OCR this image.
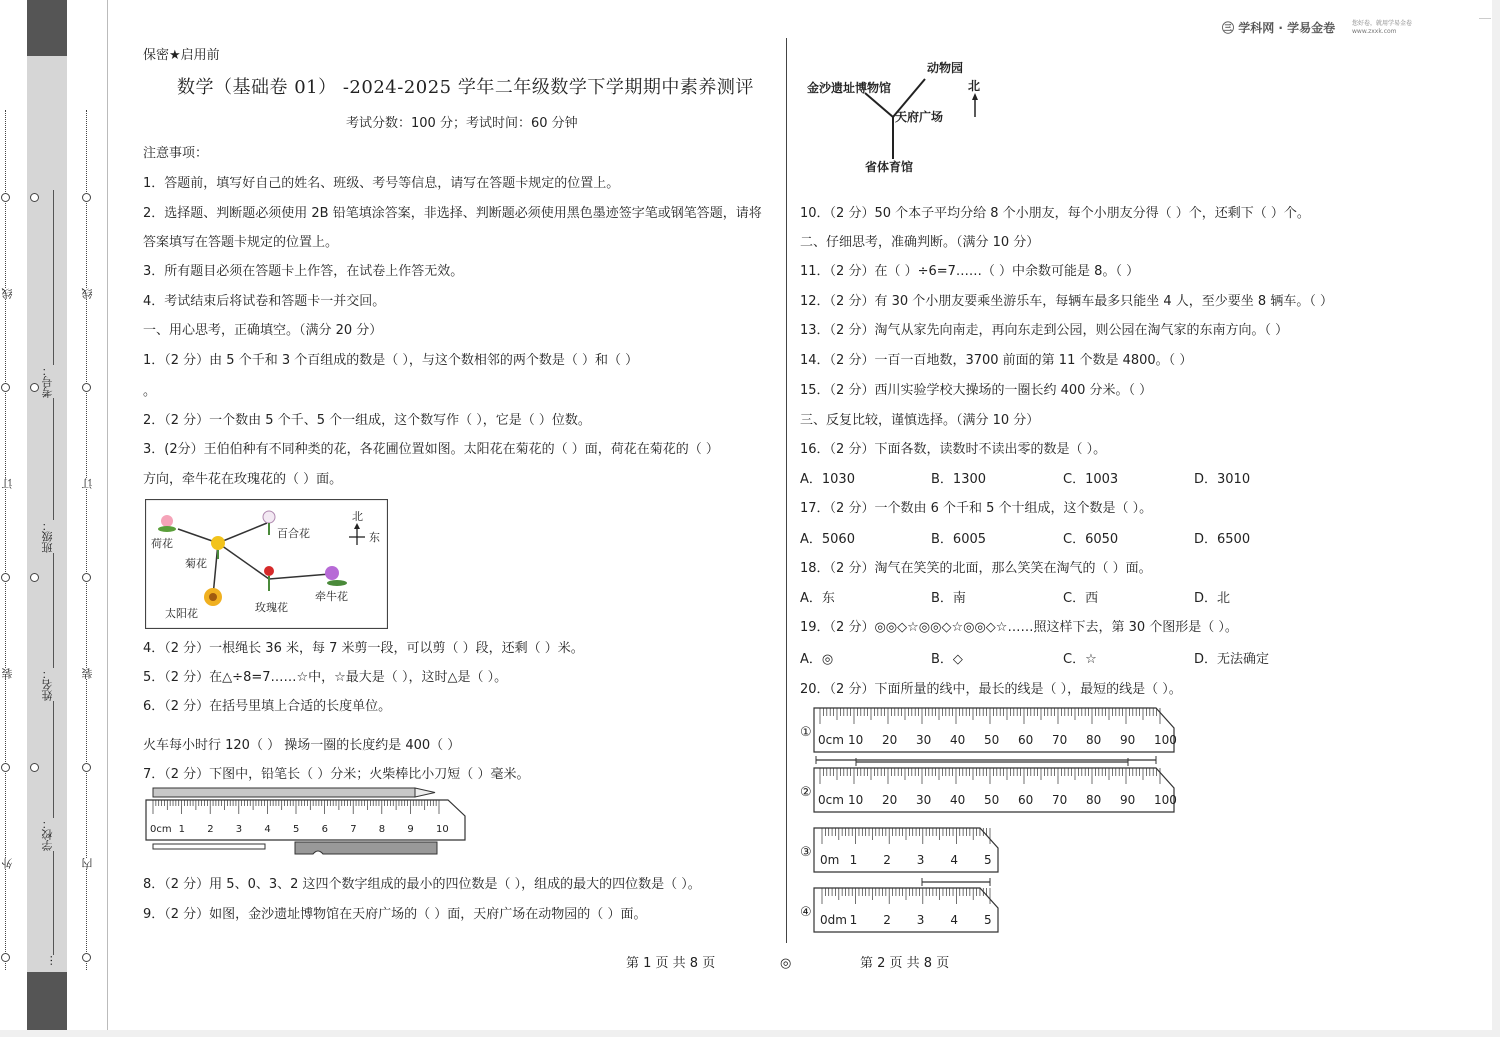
学校：
姓名：
班级：
考号：
外
装
订
线
内
装
订
线
…
㊂ 学科网 · 学易金卷	您好卷，就用学易金卷 www.zxxk.com
保密★启用前
数学（基础卷 01） -2024-2025 学年二年级数学下学期期中素养测评
考试分数：100 分；考试时间：60 分钟
注意事项：
1．答题前，填写好自己的姓名、班级、考号等信息，请写在答题卡规定的位置上。
2．选择题、判断题必须使用 2B 铅笔填涂答案，非选择、判断题必须使用黑色墨迹签字笔或钢笔答题，请将
答案填写在答题卡规定的位置上。
3．所有题目必须在答题卡上作答，在试卷上作答无效。
4．考试结束后将试卷和答题卡一并交回。
一、用心思考，正确填空。（满分 20 分）
1．（2 分）由 5 个千和 3 个百组成的数是（ ），与这个数相邻的两个数是（ ）和（ ）
。
2．（2 分）一个数由 5 个千、5 个一组成，这个数写作（ ），它是（ ）位数。
3．(2分）王伯伯种有不同种类的花，各花圃位置如图。太阳花在菊花的（ ）面，荷花在菊花的（ ）
方向，牵牛花在玫瑰花的（ ）面。
北
东
荷花
百合花
菊花
牵牛花
太阳花	玫瑰花
4．（2 分）一根绳长 36 米，每 7 米剪一段，可以剪（ ）段，还剩（ ）米。
5．（2 分）在△÷8=7……☆中，☆最大是（ ），这时△是（ ）。
6．（2 分）在括号里填上合适的长度单位。
火车每小时行 120（ ） 操场一圈的长度约是 400（ ）
7．（2 分）下图中，铅笔长（ ）分米；火柴棒比小刀短（ ）毫米。
0cm 1 2 3 4 5 6 7 8 9 10
8．（2 分）用 5、0、3、2 这四个数字组成的最小的四位数是（ ），组成的最大的四位数是（ ）。
9．（2 分）如图，金沙遗址博物馆在天府广场的（ ）面，天府广场在动物园的（ ）面。
金沙遗址博物馆
动物园
天府广场
省体育馆
北
10．（2 分）50 个本子平均分给 8 个小朋友，每个小朋友分得（ ）个，还剩下（ ）个。
二、仔细思考，准确判断。（满分 10 分）
11．（2 分）在（ ）÷6=7……（ ）中余数可能是 8。（ ）
12．（2 分）有 30 个小朋友要乘坐游乐车，每辆车最多只能坐 4 人，至少要坐 8 辆车。（ ）
13．（2 分）淘气从家先向南走，再向东走到公园，则公园在淘气家的东南方向。（ ）
14．（2 分）一百一百地数，3700 前面的第 11 个数是 4800。（ ）
15．（2 分）西川实验学校大操场的一圈长约 400 分米。（ ）
三、反复比较，谨慎选择。（满分 10 分）
16．（2 分）下面各数，读数时不读出零的数是（ ）。
A．1030	B．1300	C．1003	D．3010
17．（2 分）一个数由 6 个千和 5 个十组成，这个数是（ ）。
A．5060	B．6005	C．6050	D．6500
18．（2 分）淘气在笑笑的北面，那么笑笑在淘气的（ ）面。
A．东	B．南	C．西	D．北
19．（2 分）◎◎◇☆◎◎◇☆◎◎◇☆……照这样下去，第 30 个图形是（ ）。
A．◎	B．◇	C．☆	D．无法确定
20．（2 分）下面所量的线中，最长的线是（ ），最短的线是（ ）。
① 0cm 10 20 30 40 50 60 70 80 90 100
② 0cm 10 20 30 40 50 60 70 80 90 100
③ 0m 1 2 3 4 5
④ 0dm 1 2 3 4 5
第 1 页 共 8 页	◎	第 2 页 共 8 页
